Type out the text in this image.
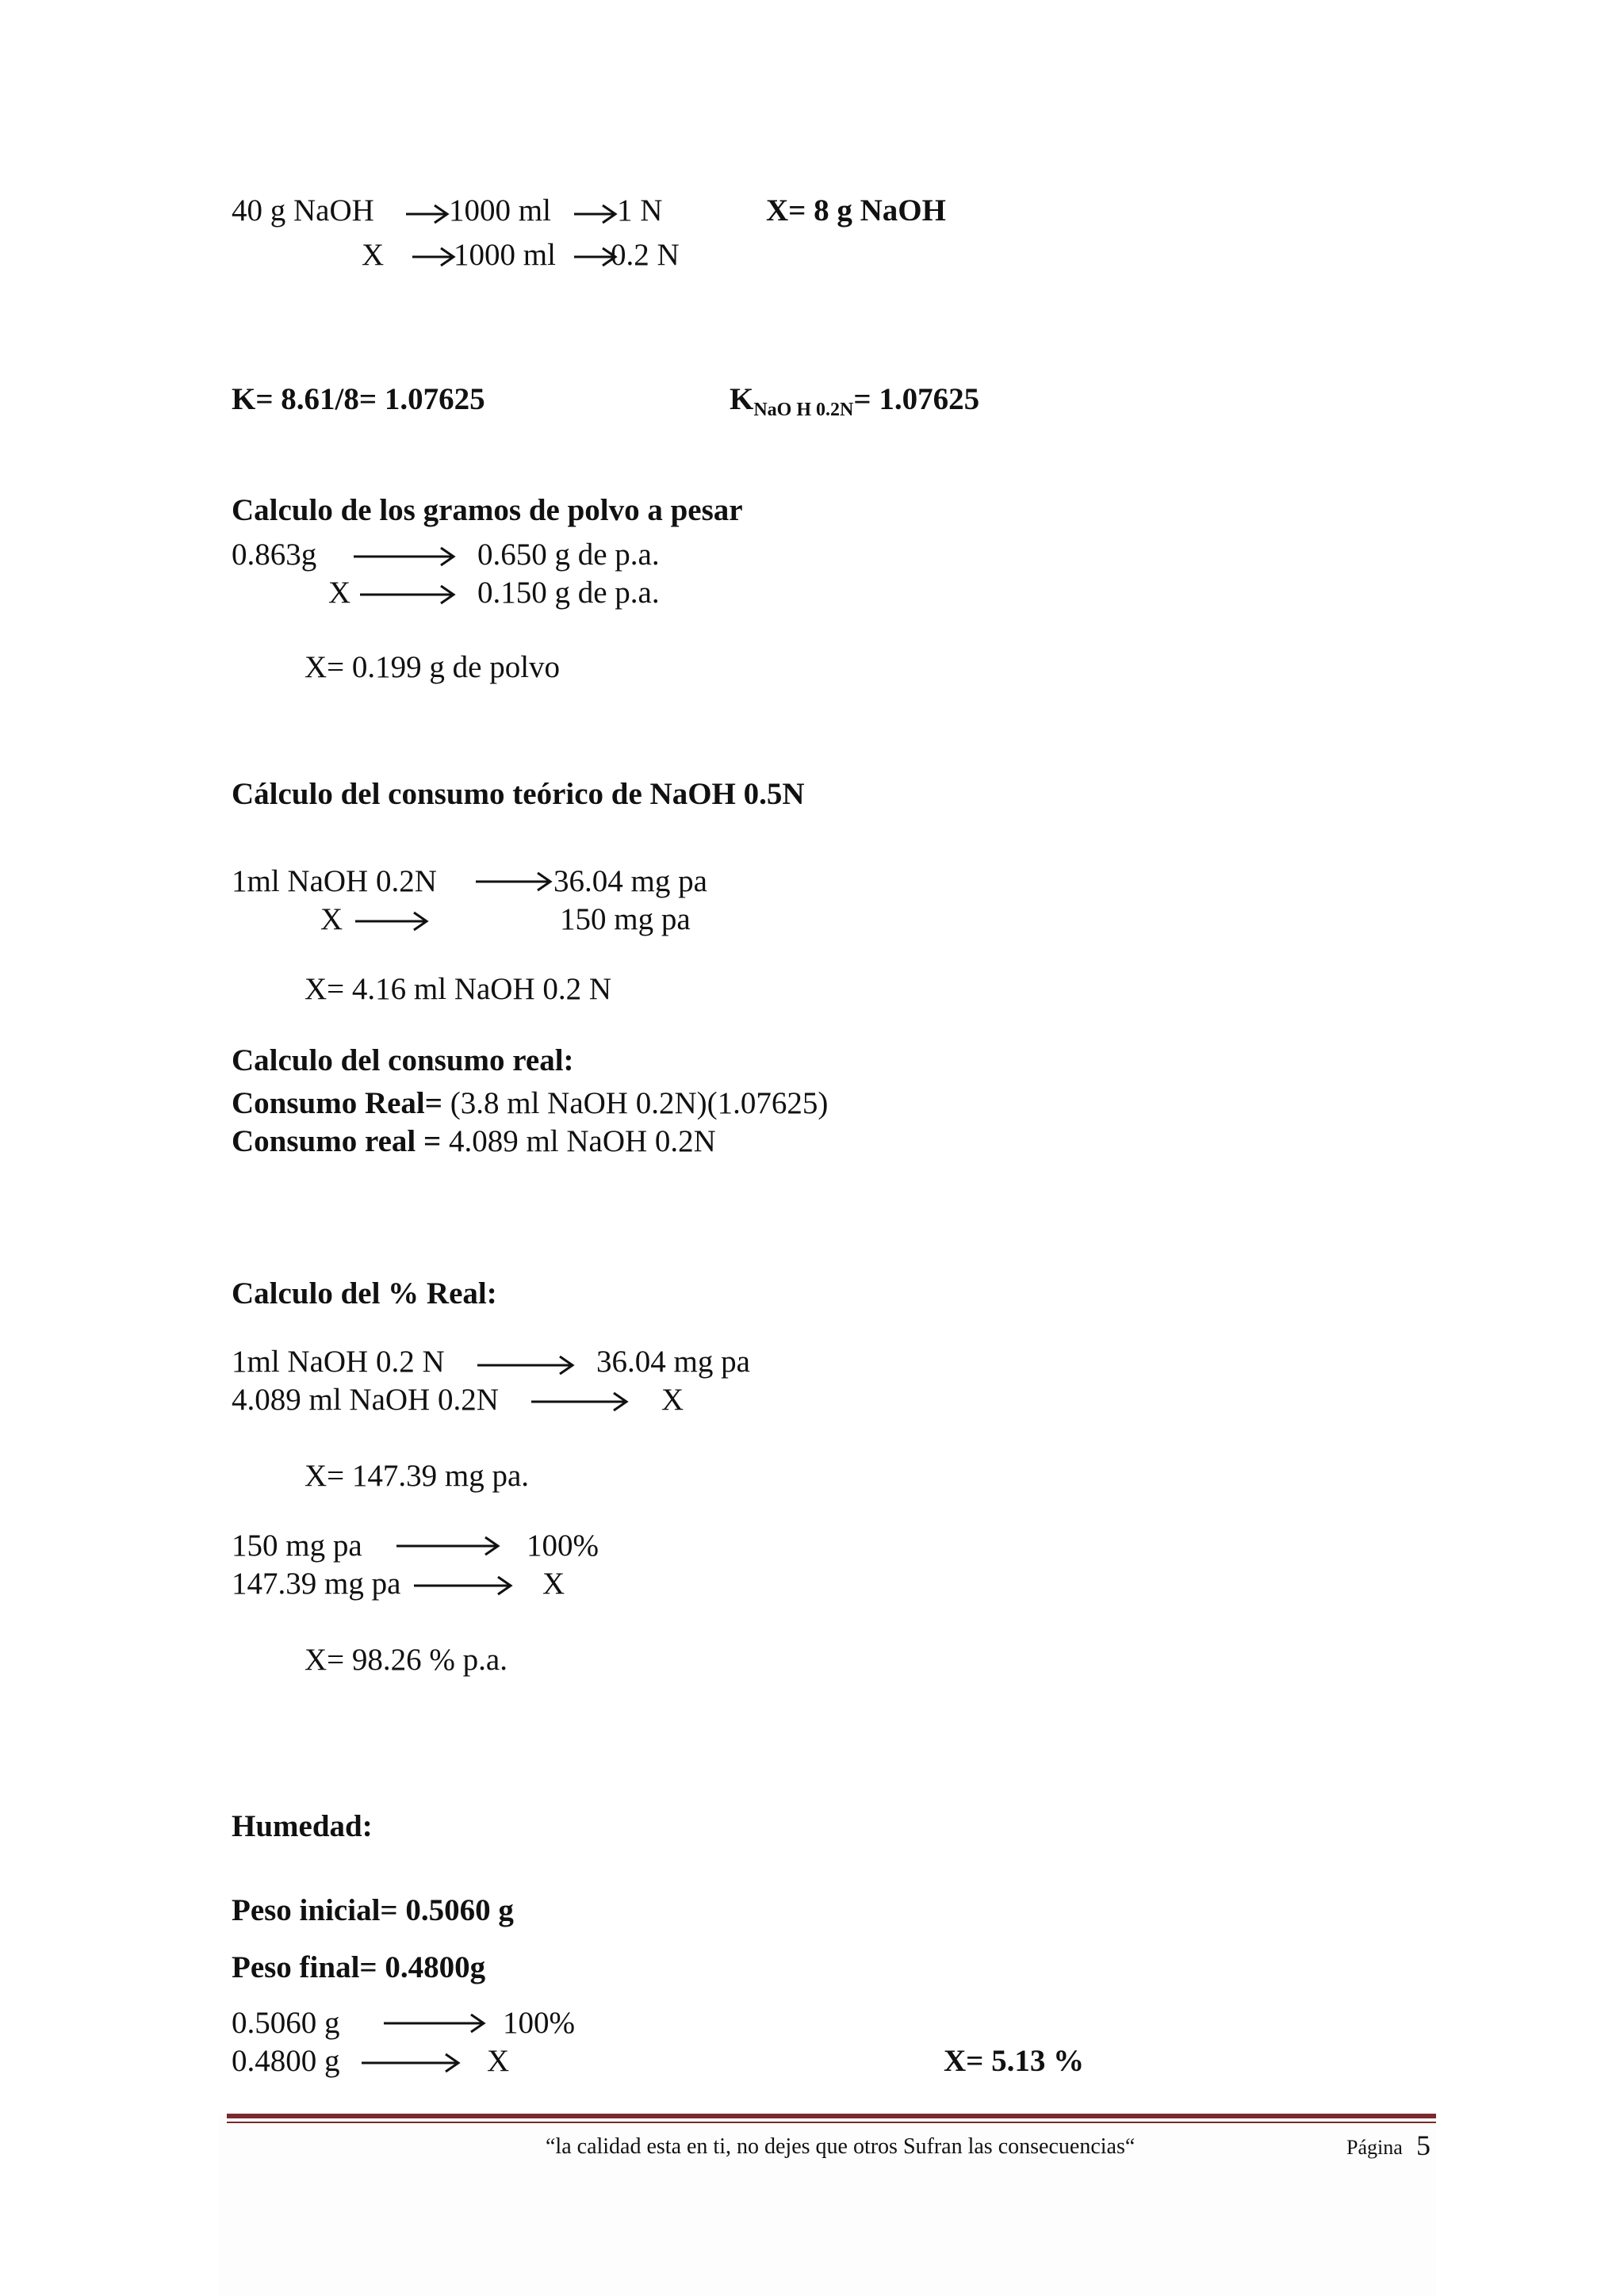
40 g NaOH 1000 ml 1 N	X= 8 g NaOH
X 1000 ml 0.2 N
K= 8.61/8= 1.07625	$K_{NaO H 0.2N}= 1.07625$
Calculo de los gramos de polvo a pesar
0.863g	0.650 g de p.a.
X	0.150 g de p.a.
X= 0.199 g de polvo
Cálculo del consumo teórico de NaOH 0.5N
1ml NaOH 0.2N	36.04 mg pa
X	150 mg pa
X= 4.16 ml NaOH 0.2 N
Calculo del consumo real:
Consumo Real= (3.8 ml NaOH 0.2N)(1.07625)
Consumo real = 4.089 ml NaOH 0.2N
Calculo del % Real:
1ml NaOH 0.2 N	36.04 mg pa
4.089 ml NaOH 0.2N	X
X= 147.39 mg pa.
150 mg pa	100%
147.39 mg pa	X
X= 98.26 % p.a.
Humedad:
Peso inicial= 0.5060 g
Peso final= 0.4800g
0.5060 g	100%
0.4800 g	X	X= 5.13 %
“la calidad esta en ti, no dejes que otros Sufran las consecuencias“	Página 5
